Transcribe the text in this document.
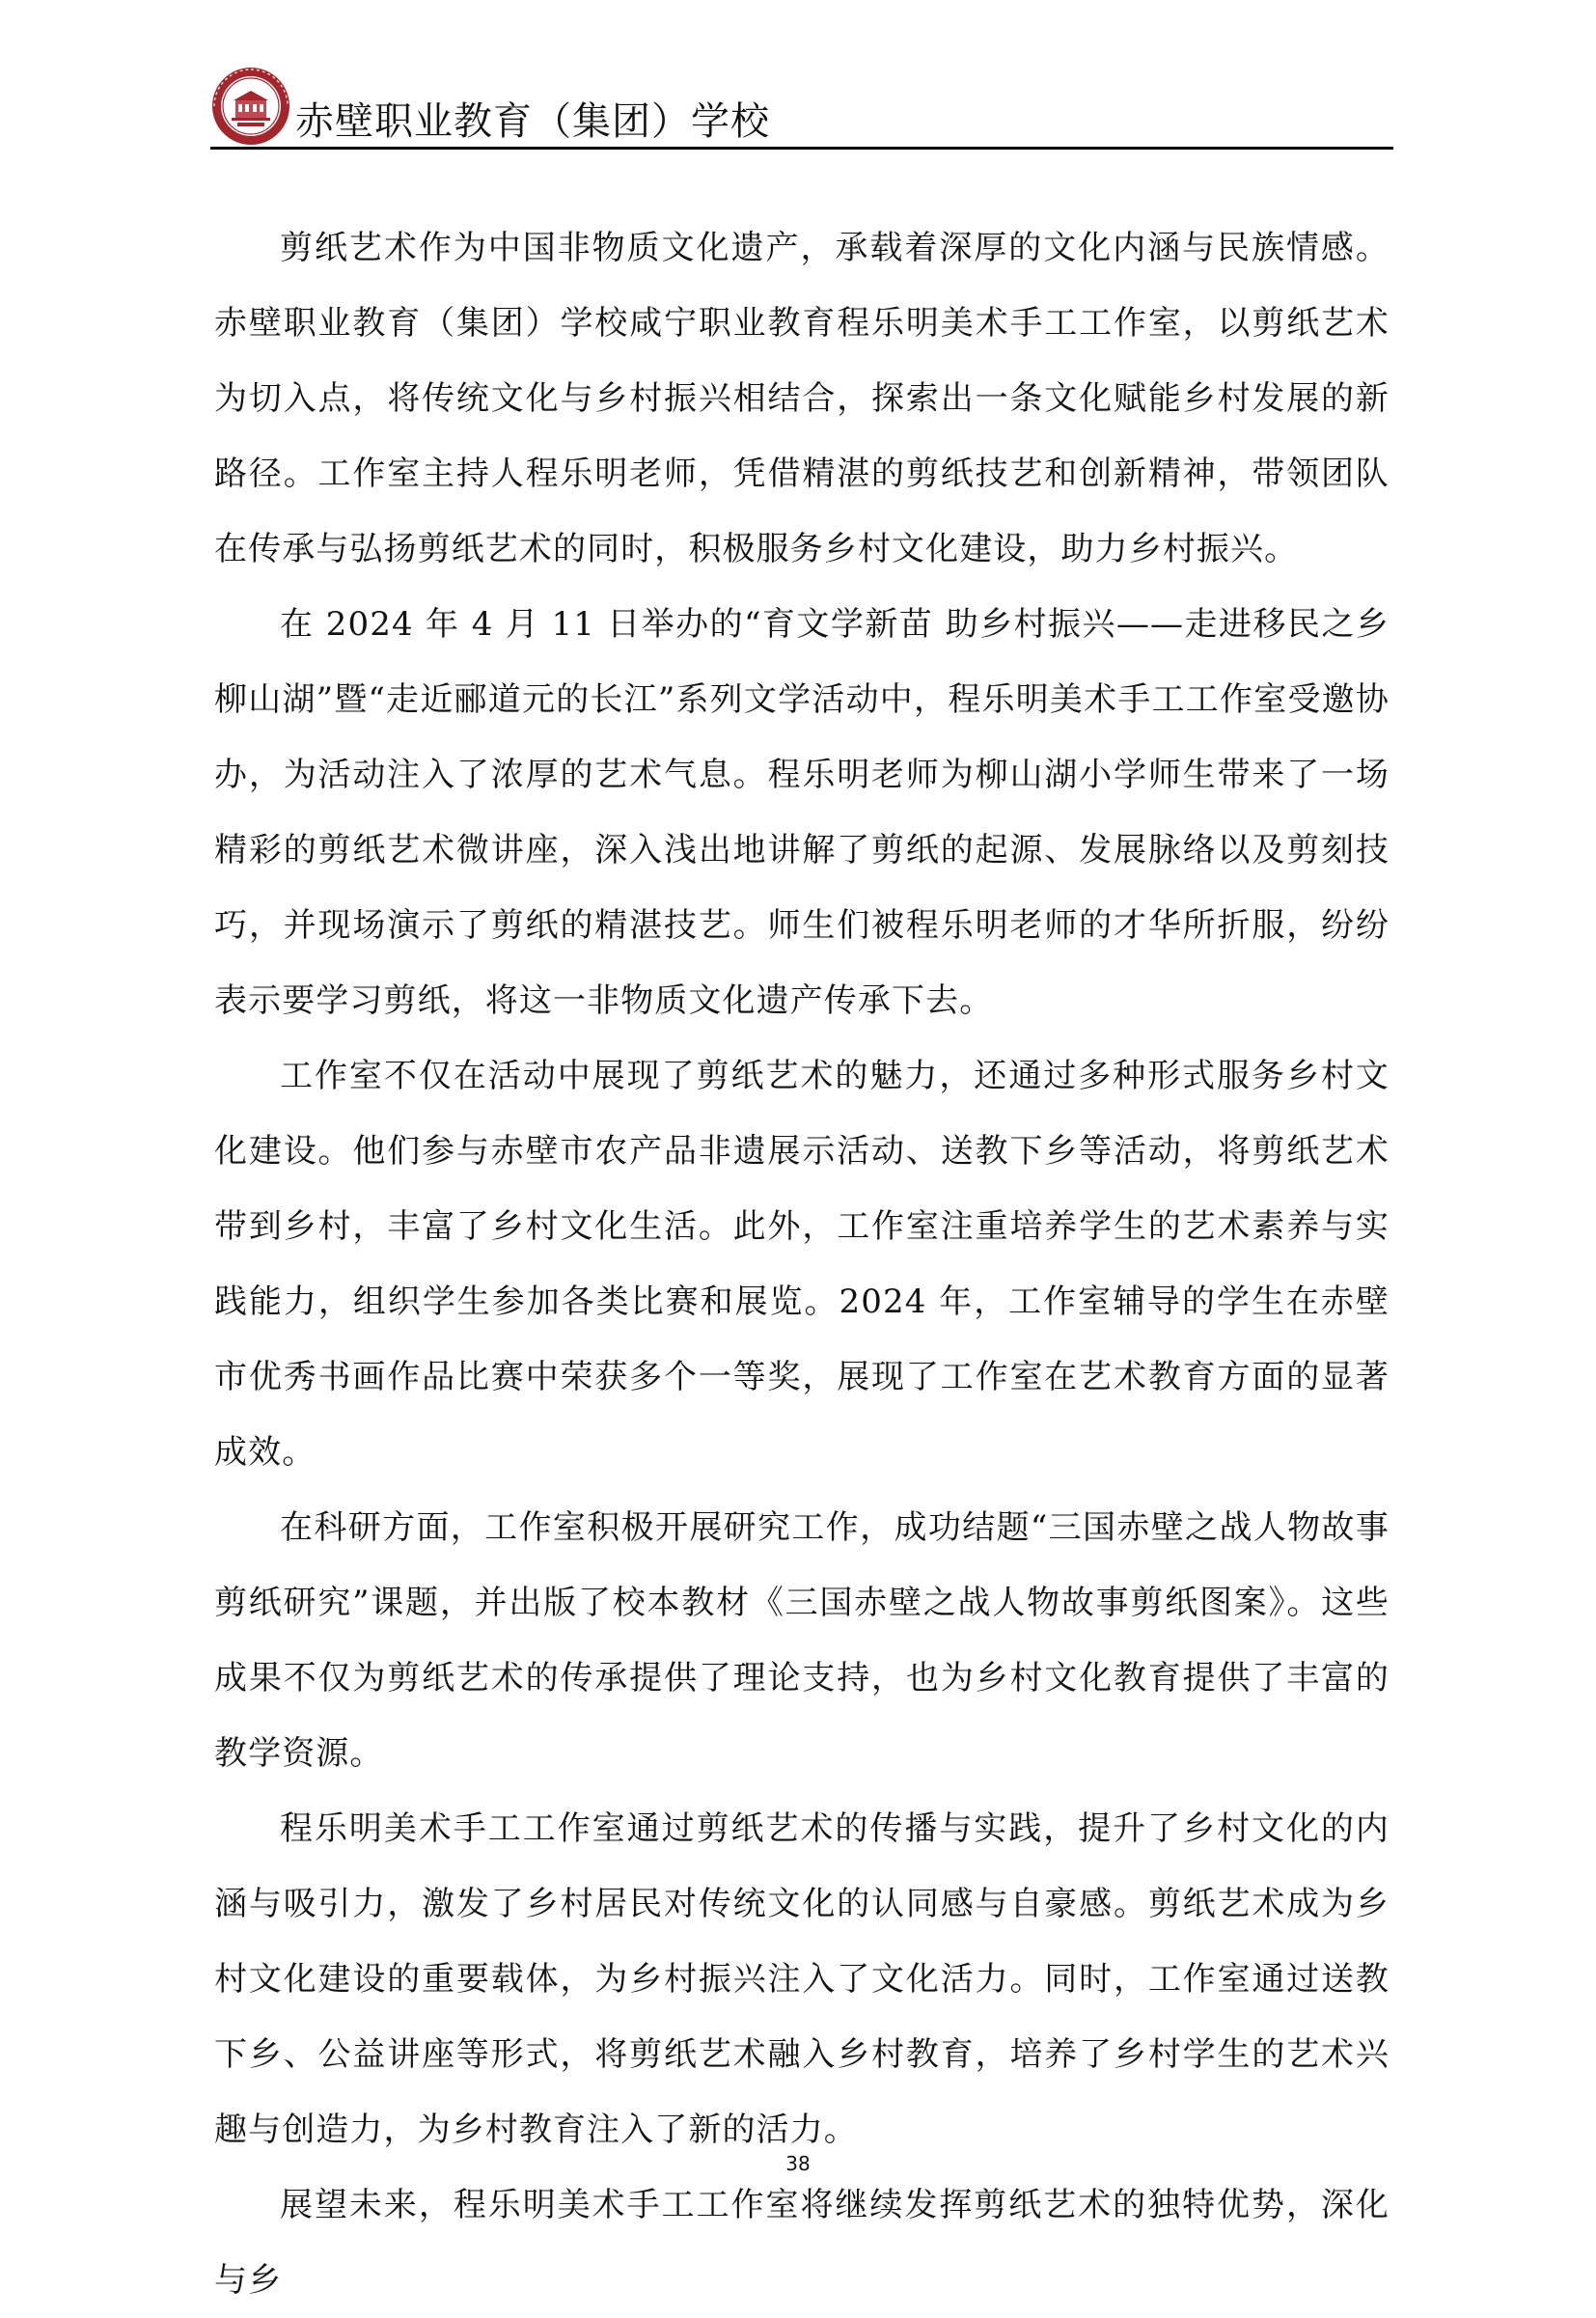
赤壁职业教育（集团）学校

剪纸艺术作为中国非物质文化遗产，承载着深厚的文化内涵与民族情感。赤壁职业教育（集团）学校咸宁职业教育程乐明美术手工工作室，以剪纸艺术为切入点，将传统文化与乡村振兴相结合，探索出一条文化赋能乡村发展的新路径。工作室主持人程乐明老师，凭借精湛的剪纸技艺和创新精神，带领团队在传承与弘扬剪纸艺术的同时，积极服务乡村文化建设，助力乡村振兴。

在 2024 年 4 月 11 日举办的“育文学新苗 助乡村振兴——走进移民之乡柳山湖”暨“走近郦道元的长江”系列文学活动中，程乐明美术手工工作室受邀协办，为活动注入了浓厚的艺术气息。程乐明老师为柳山湖小学师生带来了一场精彩的剪纸艺术微讲座，深入浅出地讲解了剪纸的起源、发展脉络以及剪刻技巧，并现场演示了剪纸的精湛技艺。师生们被程乐明老师的才华所折服，纷纷表示要学习剪纸，将这一非物质文化遗产传承下去。

工作室不仅在活动中展现了剪纸艺术的魅力，还通过多种形式服务乡村文化建设。他们参与赤壁市农产品非遗展示活动、送教下乡等活动，将剪纸艺术带到乡村，丰富了乡村文化生活。此外，工作室注重培养学生的艺术素养与实践能力，组织学生参加各类比赛和展览。2024 年，工作室辅导的学生在赤壁市优秀书画作品比赛中荣获多个一等奖，展现了工作室在艺术教育方面的显著成效。

在科研方面，工作室积极开展研究工作，成功结题“三国赤壁之战人物故事剪纸研究”课题，并出版了校本教材《三国赤壁之战人物故事剪纸图案》。这些成果不仅为剪纸艺术的传承提供了理论支持，也为乡村文化教育提供了丰富的教学资源。

程乐明美术手工工作室通过剪纸艺术的传播与实践，提升了乡村文化的内涵与吸引力，激发了乡村居民对传统文化的认同感与自豪感。剪纸艺术成为乡村文化建设的重要载体，为乡村振兴注入了文化活力。同时，工作室通过送教下乡、公益讲座等形式，将剪纸艺术融入乡村教育，培养了乡村学生的艺术兴趣与创造力，为乡村教育注入了新的活力。

展望未来，程乐明美术手工工作室将继续发挥剪纸艺术的独特优势，深化与乡

38
